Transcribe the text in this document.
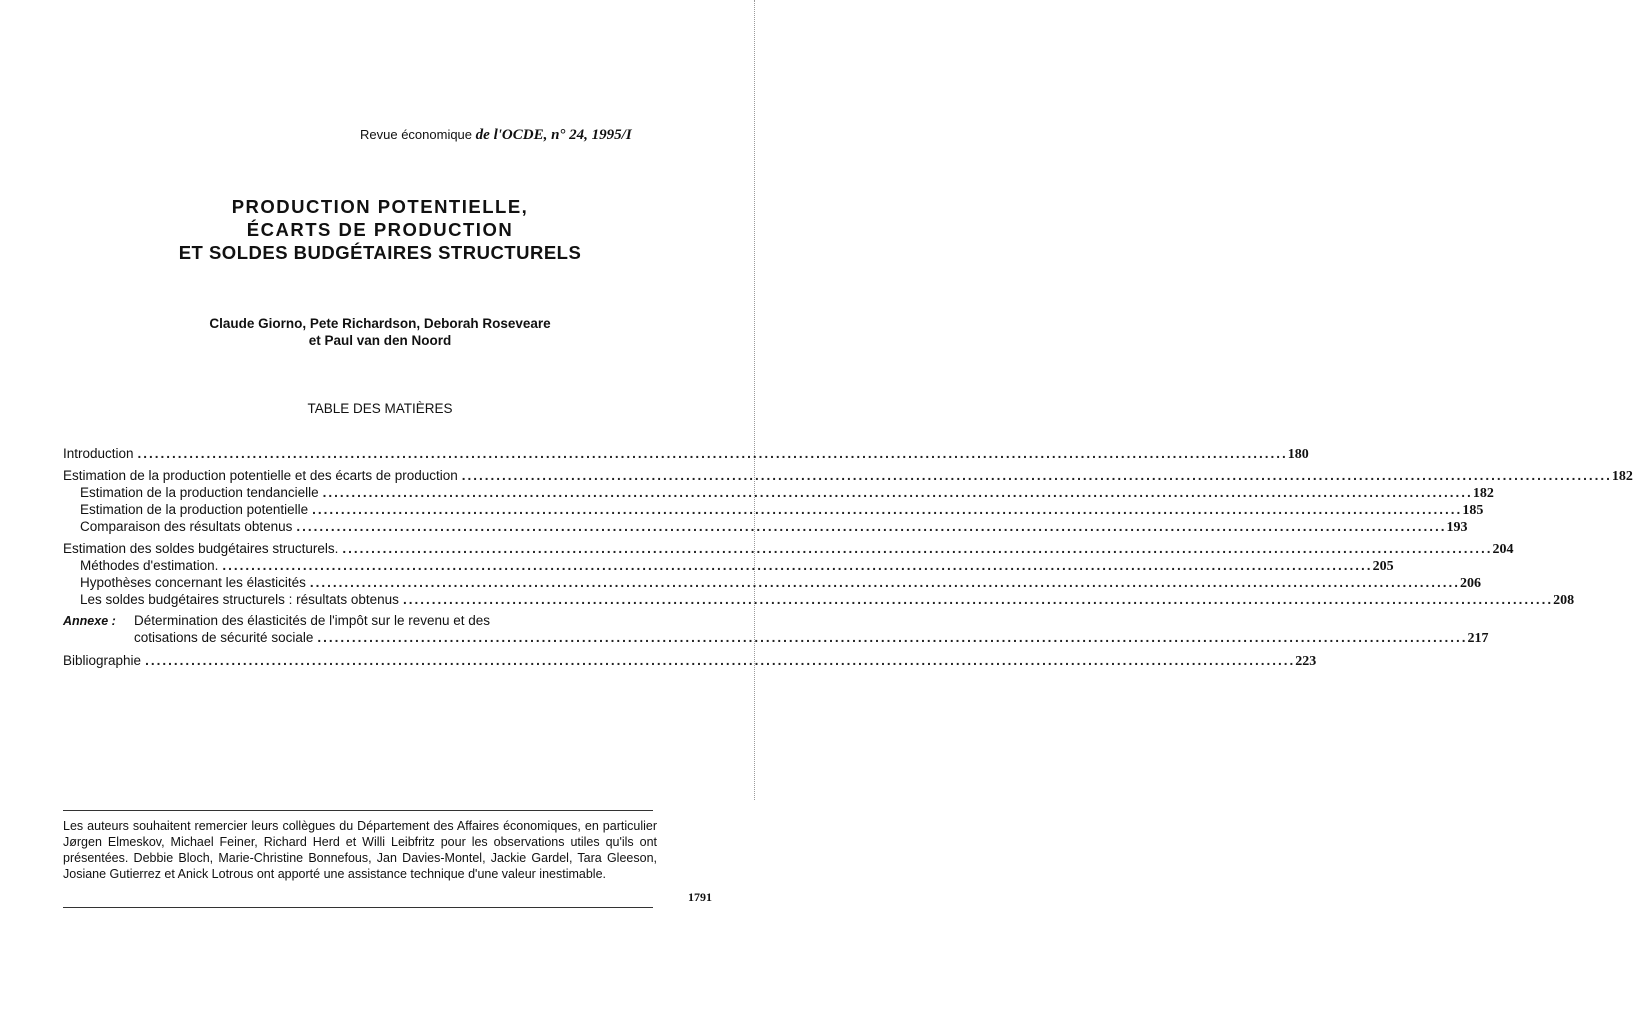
Revue économique de l'OCDE, n° 24, 1995/I
PRODUCTION POTENTIELLE,
ÉCARTS DE PRODUCTION
ET SOLDES BUDGÉTAIRES STRUCTURELS
Claude Giorno, Pete Richardson, Deborah Roseveare
et Paul van den Noord
TABLE DES MATIÈRES
Introduction ........................................................................................................................................................................................................ 180
Estimation de la production potentielle et des écarts de production ........................................................................................................................................................................................................ 182
Estimation de la production tendancielle ........................................................................................................................................................................................................ 182
Estimation de la production potentielle ........................................................................................................................................................................................................ 185
Comparaison des résultats obtenus ........................................................................................................................................................................................................ 193
Estimation des soldes budgétaires structurels. ........................................................................................................................................................................................................ 204
Méthodes d'estimation. ........................................................................................................................................................................................................ 205
Hypothèses concernant les élasticités ........................................................................................................................................................................................................ 206
Les soldes budgétaires structurels : résultats obtenus ........................................................................................................................................................................................................ 208
Annexe : Détermination des élasticités de l'impôt sur le revenu et des
cotisations de sécurité sociale ........................................................................................................................................................................................................ 217
Bibliographie ........................................................................................................................................................................................................ 223
Les auteurs souhaitent remercier leurs collègues du Département des Affaires économiques, en particulier Jørgen Elmeskov, Michael Feiner, Richard Herd et Willi Leibfritz pour les observations utiles qu'ils ont présentées. Debbie Bloch, Marie-Christine Bonnefous, Jan Davies-Montel, Jackie Gardel, Tara Gleeson, Josiane Gutierrez et Anick Lotrous ont apporté une assistance technique d'une valeur inestimable.
1791
